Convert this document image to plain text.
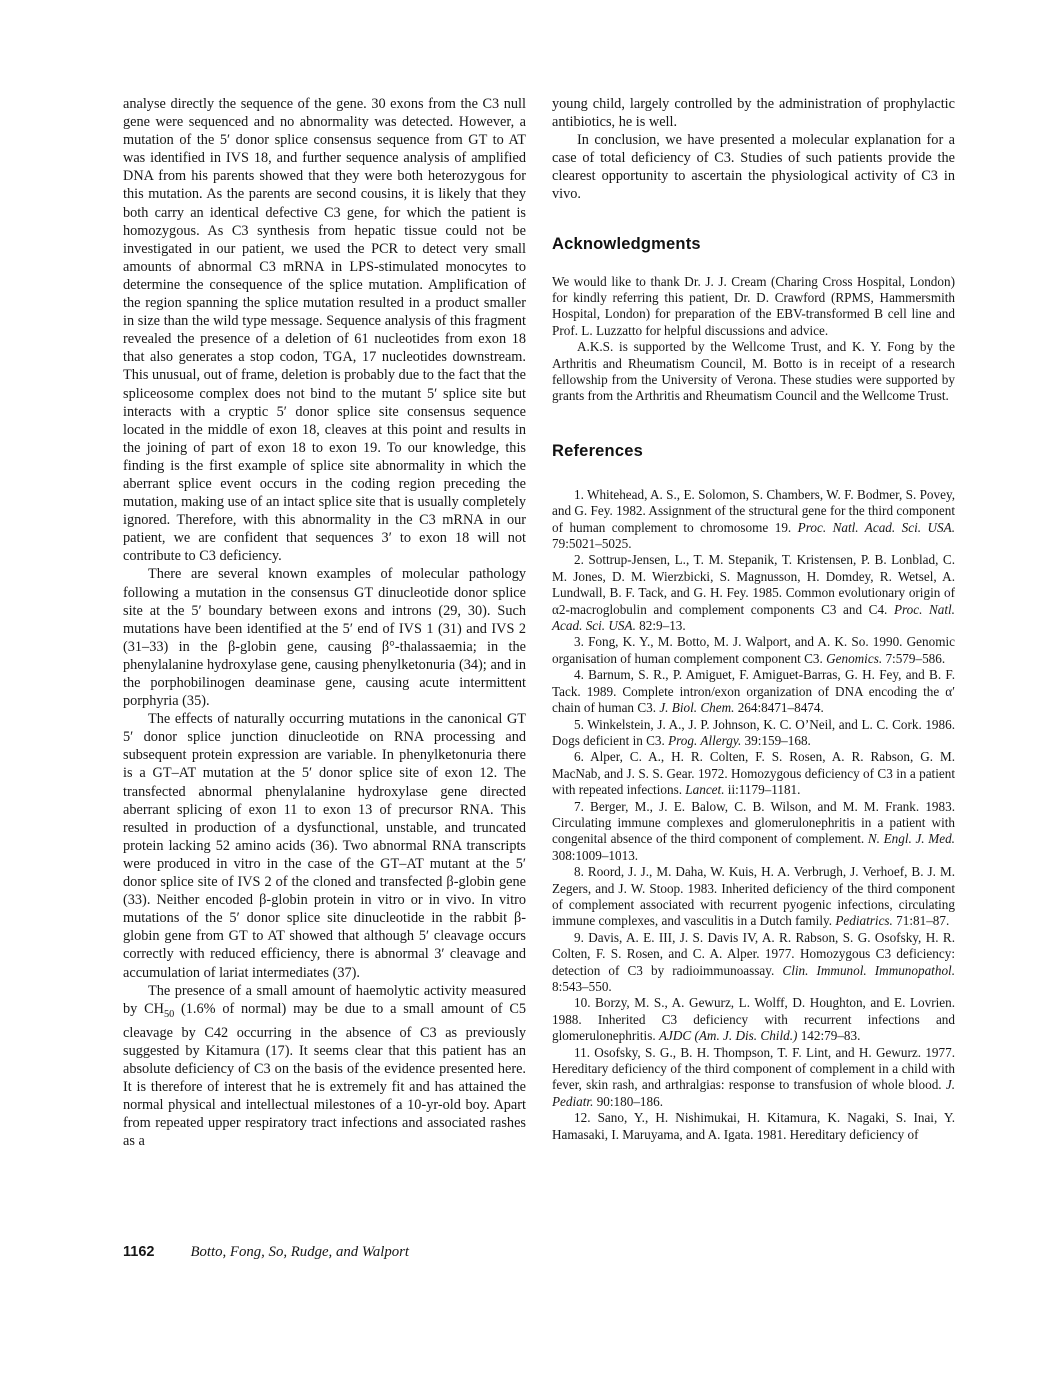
analyse directly the sequence of the gene. 30 exons from the C3 null gene were sequenced and no abnormality was detected. However, a mutation of the 5′ donor splice consensus sequence from GT to AT was identified in IVS 18, and further sequence analysis of amplified DNA from his parents showed that they were both heterozygous for this mutation. As the parents are second cousins, it is likely that they both carry an identical defective C3 gene, for which the patient is homozygous. As C3 synthesis from hepatic tissue could not be investigated in our patient, we used the PCR to detect very small amounts of abnormal C3 mRNA in LPS-stimulated monocytes to determine the consequence of the splice mutation. Amplification of the region spanning the splice mutation resulted in a product smaller in size than the wild type message. Sequence analysis of this fragment revealed the presence of a deletion of 61 nucleotides from exon 18 that also generates a stop codon, TGA, 17 nucleotides downstream. This unusual, out of frame, deletion is probably due to the fact that the spliceosome complex does not bind to the mutant 5′ splice site but interacts with a cryptic 5′ donor splice site consensus sequence located in the middle of exon 18, cleaves at this point and results in the joining of part of exon 18 to exon 19. To our knowledge, this finding is the first example of splice site abnormality in which the aberrant splice event occurs in the coding region preceding the mutation, making use of an intact splice site that is usually completely ignored. Therefore, with this abnormality in the C3 mRNA in our patient, we are confident that sequences 3′ to exon 18 will not contribute to C3 deficiency.

There are several known examples of molecular pathology following a mutation in the consensus GT dinucleotide donor splice site at the 5′ boundary between exons and introns (29, 30). Such mutations have been identified at the 5′ end of IVS 1 (31) and IVS 2 (31–33) in the β-globin gene, causing β°-thalassaemia; in the phenylalanine hydroxylase gene, causing phenylketonuria (34); and in the porphobilinogen deaminase gene, causing acute intermittent porphyria (35).

The effects of naturally occurring mutations in the canonical GT 5′ donor splice junction dinucleotide on RNA processing and subsequent protein expression are variable. In phenylketonuria there is a GT–AT mutation at the 5′ donor splice site of exon 12. The transfected abnormal phenylalanine hydroxylase gene directed aberrant splicing of exon 11 to exon 13 of precursor RNA. This resulted in production of a dysfunctional, unstable, and truncated protein lacking 52 amino acids (36). Two abnormal RNA transcripts were produced in vitro in the case of the GT–AT mutant at the 5′ donor splice site of IVS 2 of the cloned and transfected β-globin gene (33). Neither encoded β-globin protein in vitro or in vivo. In vitro mutations of the 5′ donor splice site dinucleotide in the rabbit β-globin gene from GT to AT showed that although 5′ cleavage occurs correctly with reduced efficiency, there is abnormal 3′ cleavage and accumulation of lariat intermediates (37).

The presence of a small amount of haemolytic activity measured by $CH_{50}$ (1.6% of normal) may be due to a small amount of C5 cleavage by C42 occurring in the absence of C3 as previously suggested by Kitamura (17). It seems clear that this patient has an absolute deficiency of C3 on the basis of the evidence presented here. It is therefore of interest that he is extremely fit and has attained the normal physical and intellectual milestones of a 10-yr-old boy. Apart from repeated upper respiratory tract infections and associated rashes as a

young child, largely controlled by the administration of prophylactic antibiotics, he is well.

In conclusion, we have presented a molecular explanation for a case of total deficiency of C3. Studies of such patients provide the clearest opportunity to ascertain the physiological activity of C3 in vivo.

Acknowledgments

We would like to thank Dr. J. J. Cream (Charing Cross Hospital, London) for kindly referring this patient, Dr. D. Crawford (RPMS, Hammersmith Hospital, London) for preparation of the EBV-transformed B cell line and Prof. L. Luzzatto for helpful discussions and advice.

A.K.S. is supported by the Wellcome Trust, and K. Y. Fong by the Arthritis and Rheumatism Council, M. Botto is in receipt of a research fellowship from the University of Verona. These studies were supported by grants from the Arthritis and Rheumatism Council and the Wellcome Trust.

References

1. Whitehead, A. S., E. Solomon, S. Chambers, W. F. Bodmer, S. Povey, and G. Fey. 1982. Assignment of the structural gene for the third component of human complement to chromosome 19. Proc. Natl. Acad. Sci. USA. 79:5021–5025.

2. Sottrup-Jensen, L., T. M. Stepanik, T. Kristensen, P. B. Lonblad, C. M. Jones, D. M. Wierzbicki, S. Magnusson, H. Domdey, R. Wetsel, A. Lundwall, B. F. Tack, and G. H. Fey. 1985. Common evolutionary origin of α2-macroglobulin and complement components C3 and C4. Proc. Natl. Acad. Sci. USA. 82:9–13.

3. Fong, K. Y., M. Botto, M. J. Walport, and A. K. So. 1990. Genomic organisation of human complement component C3. Genomics. 7:579–586.

4. Barnum, S. R., P. Amiguet, F. Amiguet-Barras, G. H. Fey, and B. F. Tack. 1989. Complete intron/exon organization of DNA encoding the α′ chain of human C3. J. Biol. Chem. 264:8471–8474.

5. Winkelstein, J. A., J. P. Johnson, K. C. O’Neil, and L. C. Cork. 1986. Dogs deficient in C3. Prog. Allergy. 39:159–168.

6. Alper, C. A., H. R. Colten, F. S. Rosen, A. R. Rabson, G. M. MacNab, and J. S. S. Gear. 1972. Homozygous deficiency of C3 in a patient with repeated infections. Lancet. ii:1179–1181.

7. Berger, M., J. E. Balow, C. B. Wilson, and M. M. Frank. 1983. Circulating immune complexes and glomerulonephritis in a patient with congenital absence of the third component of complement. N. Engl. J. Med. 308:1009–1013.

8. Roord, J. J., M. Daha, W. Kuis, H. A. Verbrugh, J. Verhoef, B. J. M. Zegers, and J. W. Stoop. 1983. Inherited deficiency of the third component of complement associated with recurrent pyogenic infections, circulating immune complexes, and vasculitis in a Dutch family. Pediatrics. 71:81–87.

9. Davis, A. E. III, J. S. Davis IV, A. R. Rabson, S. G. Osofsky, H. R. Colten, F. S. Rosen, and C. A. Alper. 1977. Homozygous C3 deficiency: detection of C3 by radioimmunoassay. Clin. Immunol. Immunopathol. 8:543–550.

10. Borzy, M. S., A. Gewurz, L. Wolff, D. Houghton, and E. Lovrien. 1988. Inherited C3 deficiency with recurrent infections and glomerulonephritis. AJDC (Am. J. Dis. Child.) 142:79–83.

11. Osofsky, S. G., B. H. Thompson, T. F. Lint, and H. Gewurz. 1977. Hereditary deficiency of the third component of complement in a child with fever, skin rash, and arthralgias: response to transfusion of whole blood. J. Pediatr. 90:180–186.

12. Sano, Y., H. Nishimukai, H. Kitamura, K. Nagaki, S. Inai, Y. Hamasaki, I. Maruyama, and A. Igata. 1981. Hereditary deficiency of

1162 Botto, Fong, So, Rudge, and Walport
